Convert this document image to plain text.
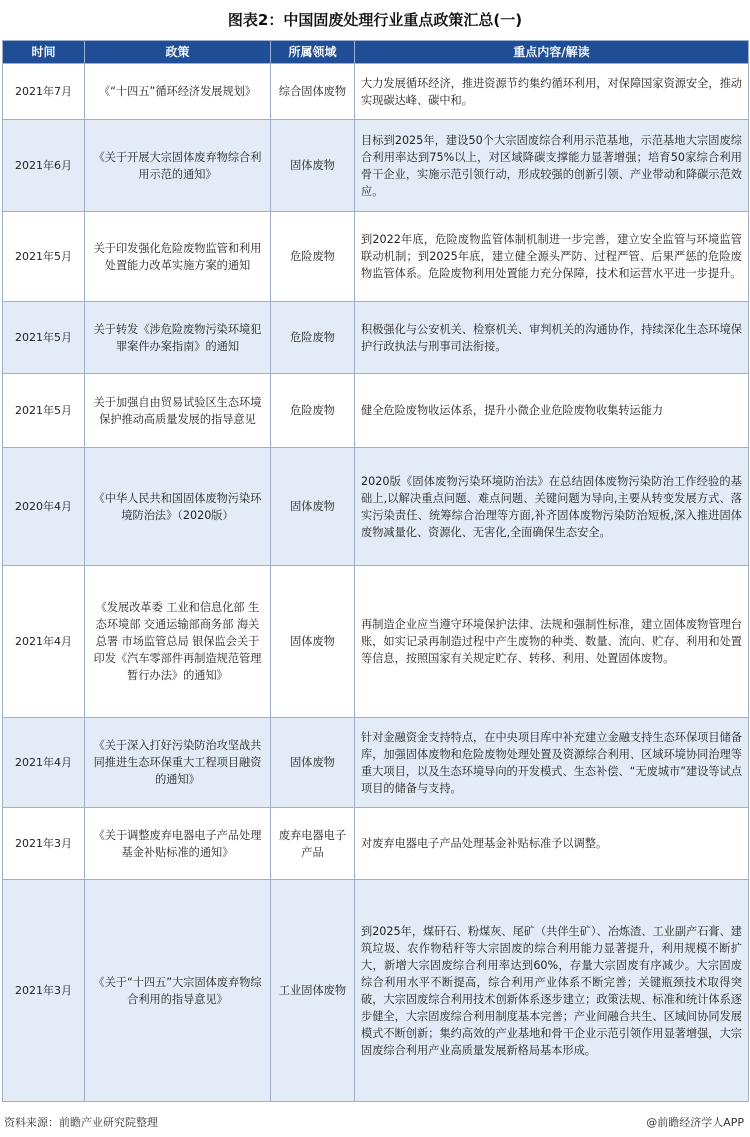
图表2：中国固废处理行业重点政策汇总(一)
时间	政策	所属领域	重点内容/解读
2021年7月	《“十四五”循环经济发展规划》	综合固体废物	大力发展循环经济，推进资源节约集约循环利用，对保障国家资源安全，推动实现碳达峰、碳中和。
2021年6月	《关于开展大宗固体废弃物综合利用示范的通知》	固体废物	目标到2025年，建设50个大宗固废综合利用示范基地，示范基地大宗固废综合利用率达到75%以上，对区域降碳支撑能力显著增强；培育50家综合利用骨干企业，实施示范引领行动，形成较强的创新引领、产业带动和降碳示范效应。
2021年5月	关于印发强化危险废物监管和利用处置能力改革实施方案的通知	危险废物	到2022年底，危险废物监管体制机制进一步完善，建立安全监管与环境监管联动机制；到2025年底，建立健全源头严防、过程严管、后果严惩的危险废物监管体系。危险废物利用处置能力充分保障，技术和运营水平进一步提升。
2021年5月	关于转发《涉危险废物污染环境犯罪案件办案指南》的通知	危险废物	积极强化与公安机关、检察机关、审判机关的沟通协作，持续深化生态环境保护行政执法与刑事司法衔接。
2021年5月	关于加强自由贸易试验区生态环境保护推动高质量发展的指导意见	危险废物	健全危险废物收运体系，提升小微企业危险废物收集转运能力
2020年4月	《中华人民共和国固体废物污染环境防治法》（2020版）	固体废物	2020版《固体废物污染环境防治法》在总结固体废物污染防治工作经验的基础上,以解决重点问题、难点问题、关键问题为导向,主要从转变发展方式、落实污染责任、统筹综合治理等方面,补齐固体废物污染防治短板,深入推进固体废物减量化、资源化、无害化,全面确保生态安全。
2021年4月	《发展改革委 工业和信息化部 生态环境部 交通运输部商务部 海关总署 市场监管总局 银保监会关于印发《汽车零部件再制造规范管理暂行办法》的通知》	固体废物	再制造企业应当遵守环境保护法律、法规和强制性标准，建立固体废物管理台账，如实记录再制造过程中产生废物的种类、数量、流向、贮存、利用和处置等信息，按照国家有关规定贮存、转移、利用、处置固体废物。
2021年4月	《关于深入打好污染防治攻坚战共同推进生态环保重大工程项目融资的通知》	固体废物	针对金融资金支持特点，在中央项目库中补充建立金融支持生态环保项目储备库，加强固体废物和危险废物处理处置及资源综合利用、区域环境协同治理等重大项目，以及生态环境导向的开发模式、生态补偿、“无废城市”建设等试点项目的储备与支持。
2021年3月	《关于调整废弃电器电子产品处理基金补贴标准的通知》	废弃电器电子产品	对废弃电器电子产品处理基金补贴标准予以调整。
2021年3月	《关于“十四五”大宗固体废弃物综合利用的指导意见》	工业固体废物	到2025年，煤矸石、粉煤灰、尾矿（共伴生矿）、冶炼渣、工业副产石膏、建筑垃圾、农作物秸秆等大宗固废的综合利用能力显著提升，利用规模不断扩大，新增大宗固废综合利用率达到60%，存量大宗固废有序减少。大宗固废综合利用水平不断提高，综合利用产业体系不断完善；关键瓶颈技术取得突破，大宗固废综合利用技术创新体系逐步建立；政策法规、标准和统计体系逐步健全，大宗固废综合利用制度基本完善；产业间融合共生、区域间协同发展模式不断创新；集约高效的产业基地和骨干企业示范引领作用显著增强，大宗固废综合利用产业高质量发展新格局基本形成。
资料来源：前瞻产业研究院整理	@前瞻经济学人APP
